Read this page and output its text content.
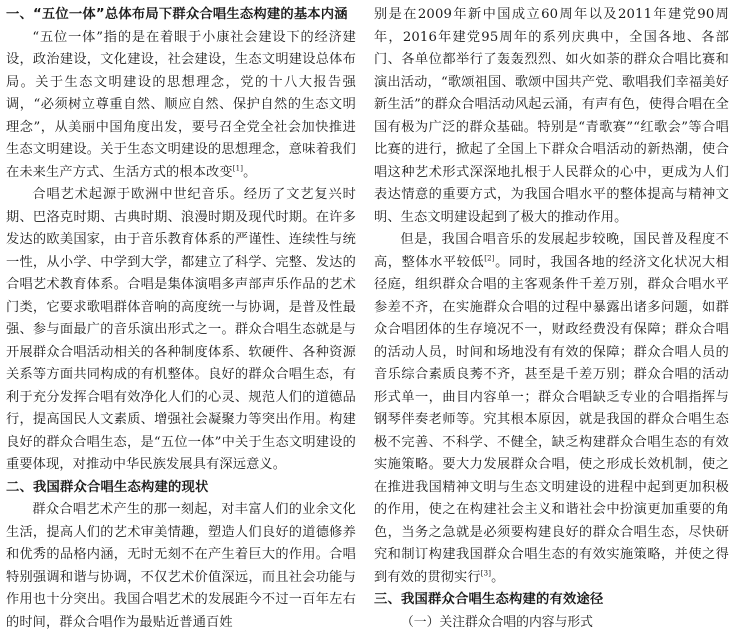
一、“五位一体”总体布局下群众合唱生态构建的基本内涵

“五位一体”指的是在着眼于小康社会建设下的经济建设，政治建设，文化建设，社会建设，生态文明建设总体布局。关于生态文明建设的思想理念，党的十八大报告强调，“必须树立尊重自然、顺应自然、保护自然的生态文明理念”，从美丽中国角度出发，要号召全党全社会加快推进生态文明建设。关于生态文明建设的思想理念，意味着我们在未来生产方式、生活方式的根本改变[1]。

合唱艺术起源于欧洲中世纪音乐。经历了文艺复兴时期、巴洛克时期、古典时期、浪漫时期及现代时期。在许多发达的欧美国家，由于音乐教育体系的严谨性、连续性与统一性，从小学、中学到大学，都建立了科学、完整、发达的合唱艺术教育体系。合唱是集体演唱多声部声乐作品的艺术门类，它要求歌唱群体音响的高度统一与协调，是普及性最强、参与面最广的音乐演出形式之一。群众合唱生态就是与开展群众合唱活动相关的各种制度体系、软硬件、各种资源关系等方面共同构成的有机整体。良好的群众合唱生态，有利于充分发挥合唱有效净化人们的心灵、规范人们的道德品行，提高国民人文素质、增强社会凝聚力等突出作用。构建良好的群众合唱生态，是“五位一体”中关于生态文明建设的重要体现，对推动中华民族发展具有深远意义。

二、我国群众合唱生态构建的现状

群众合唱艺术产生的那一刻起，对丰富人们的业余文化生活，提高人们的艺术审美情趣，塑造人们良好的道德修养和优秀的品格内涵，无时无刻不在产生着巨大的作用。合唱特别强调和谐与协调，不仅艺术价值深远，而且社会功能与作用也十分突出。我国合唱艺术的发展距今不过一百年左右的时间，群众合唱作为最贴近普通百姓

别是在2009年新中国成立60周年以及2011年建党90周年，2016年建党95周年的系列庆典中，全国各地、各部门、各单位都举行了轰轰烈烈、如火如荼的群众合唱比赛和演出活动，“歌颂祖国、歌颂中国共产党、歌唱我们幸福美好新生活”的群众合唱活动风起云涌，有声有色，使得合唱在全国有极为广泛的群众基础。特别是“青歌赛”“红歌会”等合唱比赛的进行，掀起了全国上下群众合唱活动的新热潮，使合唱这种艺术形式深深地扎根于人民群众的心中，更成为人们表达情意的重要方式，为我国合唱水平的整体提高与精神文明、生态文明建设起到了极大的推动作用。

但是，我国合唱音乐的发展起步较晚，国民普及程度不高，整体水平较低[2]。同时，我国各地的经济文化状况大相径庭，组织群众合唱的主客观条件千差万别，群众合唱水平参差不齐，在实施群众合唱的过程中暴露出诸多问题，如群众合唱团体的生存境况不一，财政经费没有保障；群众合唱的活动人员，时间和场地没有有效的保障；群众合唱人员的音乐综合素质良莠不齐，甚至是千差万别；群众合唱的活动形式单一，曲目内容单一；群众合唱缺乏专业的合唱指挥与钢琴伴奏老师等。究其根本原因，就是我国的群众合唱生态极不完善、不科学、不健全，缺乏构建群众合唱生态的有效实施策略。要大力发展群众合唱，使之形成长效机制，使之在推进我国精神文明与生态文明建设的进程中起到更加积极的作用，使之在构建社会主义和谐社会中扮演更加重要的角色，当务之急就是必须要构建良好的群众合唱生态，尽快研究和制订构建我国群众合唱生态的有效实施策略，并使之得到有效的贯彻实行[3]。

三、我国群众合唱生态构建的有效途径
（一）关注群众合唱的内容与形式
